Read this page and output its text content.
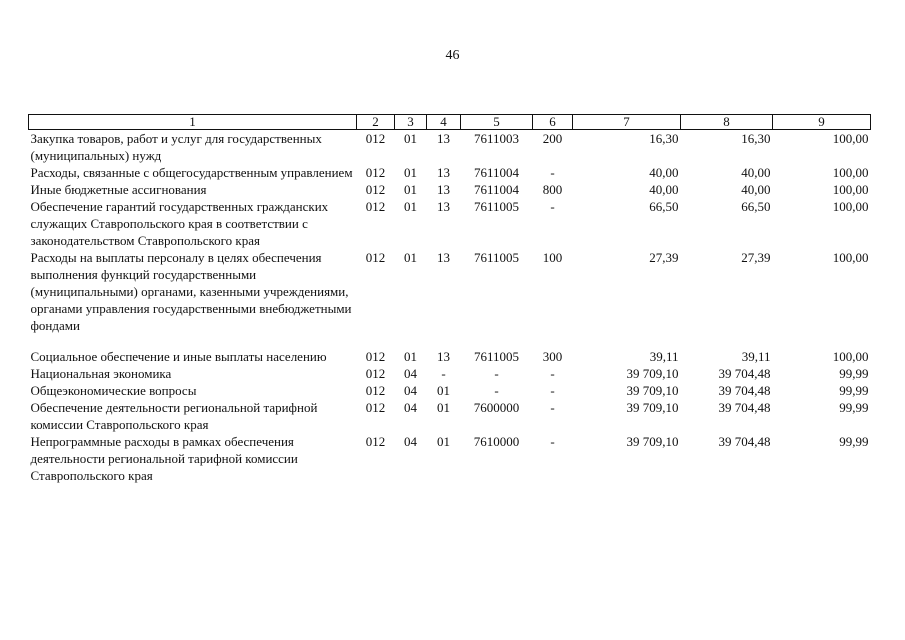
46
1	2	3	4	5	6	7	8	9
Закупка товаров, работ и услуг для государственных (муниципальных) нужд	012	01	13	7611003	200	16,30	16,30	100,00
Расходы, связанные с общегосударственным управлением	012	01	13	7611004	-	40,00	40,00	100,00
Иные бюджетные ассигнования	012	01	13	7611004	800	40,00	40,00	100,00
Обеспечение гарантий государственных гражданских служащих Ставропольского края в соответствии с законодательством Ставропольского края	012	01	13	7611005	-	66,50	66,50	100,00
Расходы на выплаты персоналу в целях обеспечения выполнения функций государственными (муниципальными) органами, казенными учреждениями, органами управления государственными внебюджетными фондами	012	01	13	7611005	100	27,39	27,39	100,00

Социальное обеспечение и иные выплаты населению	012	01	13	7611005	300	39,11	39,11	100,00
Национальная экономика	012	04	-	-	-	39 709,10	39 704,48	99,99
Общеэкономические вопросы	012	04	01	-	-	39 709,10	39 704,48	99,99
Обеспечение деятельности региональной тарифной комиссии Ставропольского края	012	04	01	7600000	-	39 709,10	39 704,48	99,99
Непрограммные расходы в рамках обеспечения деятельности региональной тарифной комиссии Ставропольского края	012	04	01	7610000	-	39 709,10	39 704,48	99,99
